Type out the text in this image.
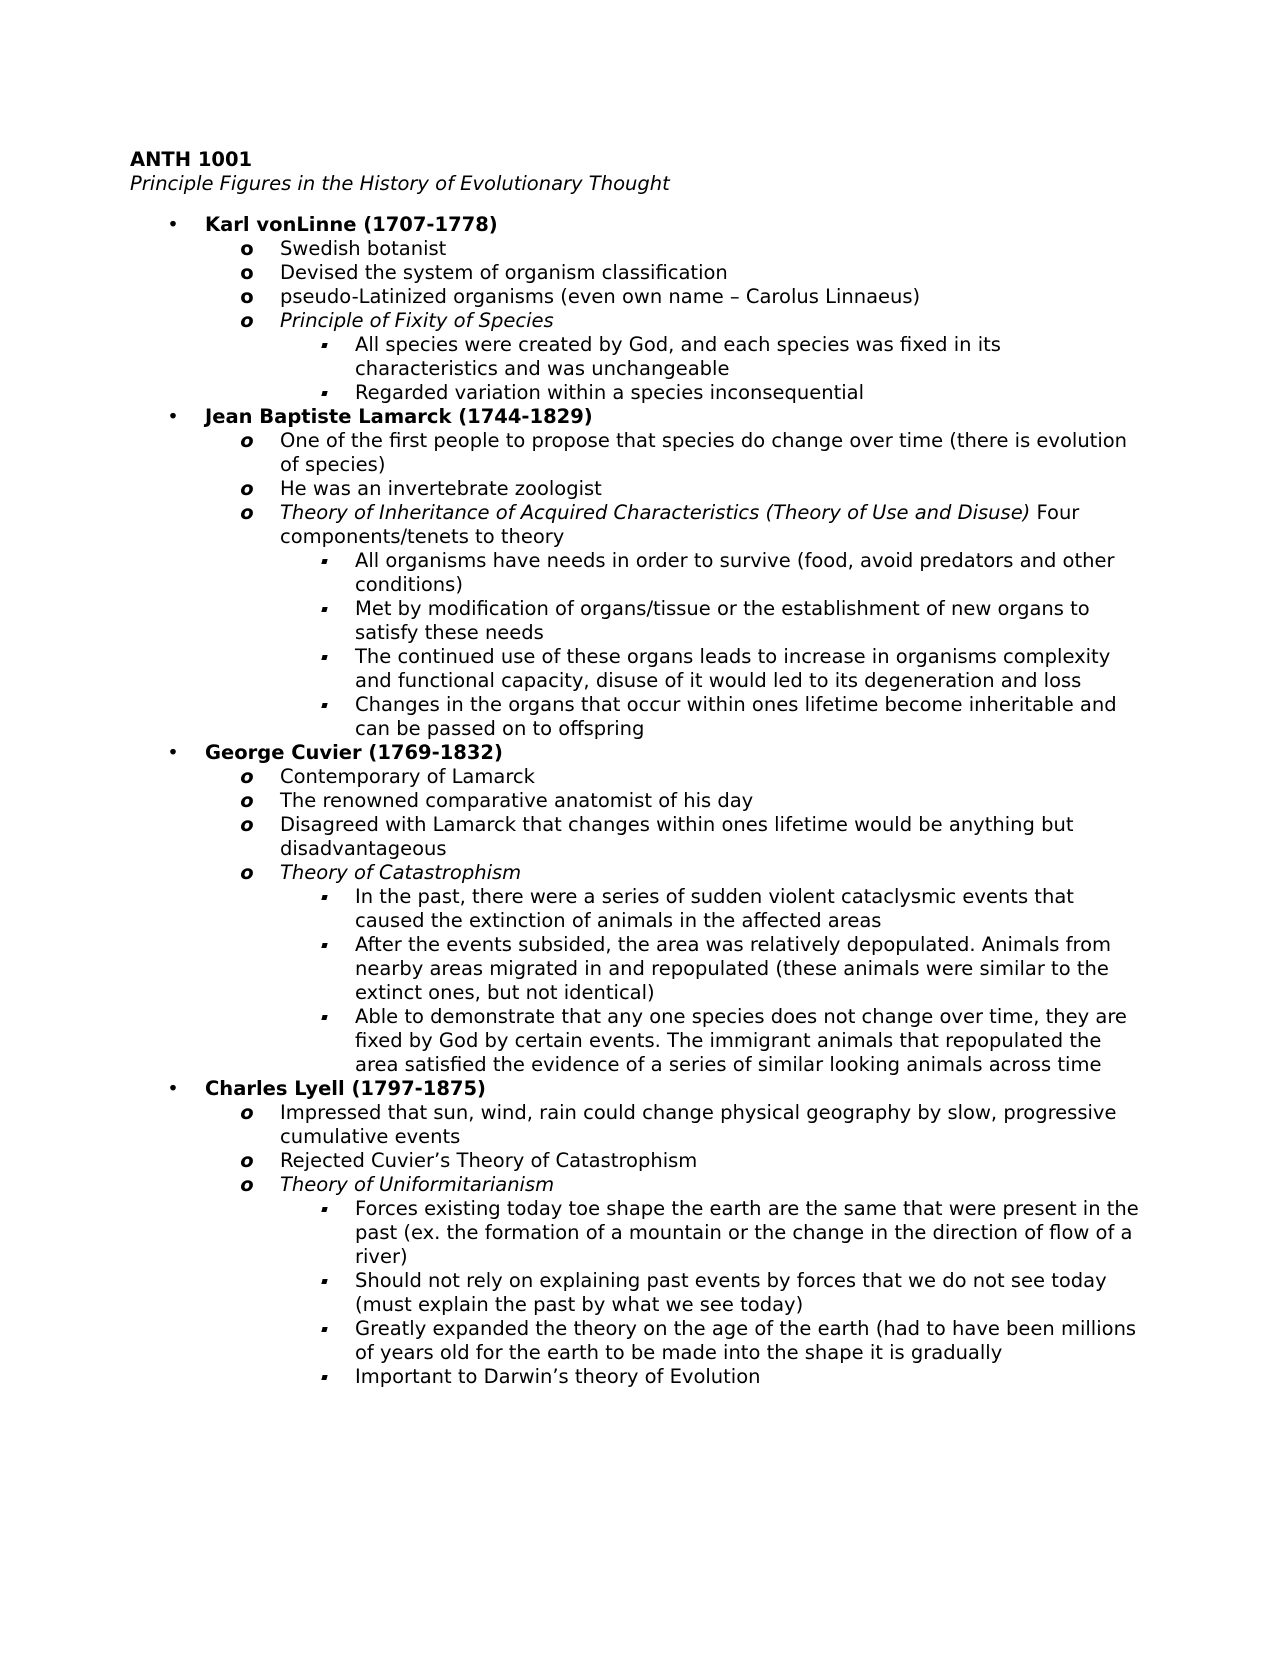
ANTH 1001
Principle Figures in the History of Evolutionary Thought
• Karl vonLinne (1707-1778)
o Swedish botanist
o Devised the system of organism classification
o pseudo-Latinized organisms (even own name – Carolus Linnaeus)
o Principle of Fixity of Species
All species were created by God, and each species was fixed in its characteristics and was unchangeable
Regarded variation within a species inconsequential
• Jean Baptiste Lamarck (1744-1829)
o One of the first people to propose that species do change over time (there is evolution of species)
o He was an invertebrate zoologist
o Theory of Inheritance of Acquired Characteristics (Theory of Use and Disuse) Four components/tenets to theory
All organisms have needs in order to survive (food, avoid predators and other conditions)
Met by modification of organs/tissue or the establishment of new organs to satisfy these needs
The continued use of these organs leads to increase in organisms complexity and functional capacity, disuse of it would led to its degeneration and loss
Changes in the organs that occur within ones lifetime become inheritable and can be passed on to offspring
• George Cuvier (1769-1832)
o Contemporary of Lamarck
o The renowned comparative anatomist of his day
o Disagreed with Lamarck that changes within ones lifetime would be anything but disadvantageous
o Theory of Catastrophism
In the past, there were a series of sudden violent cataclysmic events that caused the extinction of animals in the affected areas
After the events subsided, the area was relatively depopulated. Animals from nearby areas migrated in and repopulated (these animals were similar to the extinct ones, but not identical)
Able to demonstrate that any one species does not change over time, they are fixed by God by certain events. The immigrant animals that repopulated the area satisfied the evidence of a series of similar looking animals across time
• Charles Lyell (1797-1875)
o Impressed that sun, wind, rain could change physical geography by slow, progressive cumulative events
o Rejected Cuvier’s Theory of Catastrophism
o Theory of Uniformitarianism
Forces existing today toe shape the earth are the same that were present in the past (ex. the formation of a mountain or the change in the direction of flow of a river)
Should not rely on explaining past events by forces that we do not see today (must explain the past by what we see today)
Greatly expanded the theory on the age of the earth (had to have been millions of years old for the earth to be made into the shape it is gradually
Important to Darwin’s theory of Evolution
